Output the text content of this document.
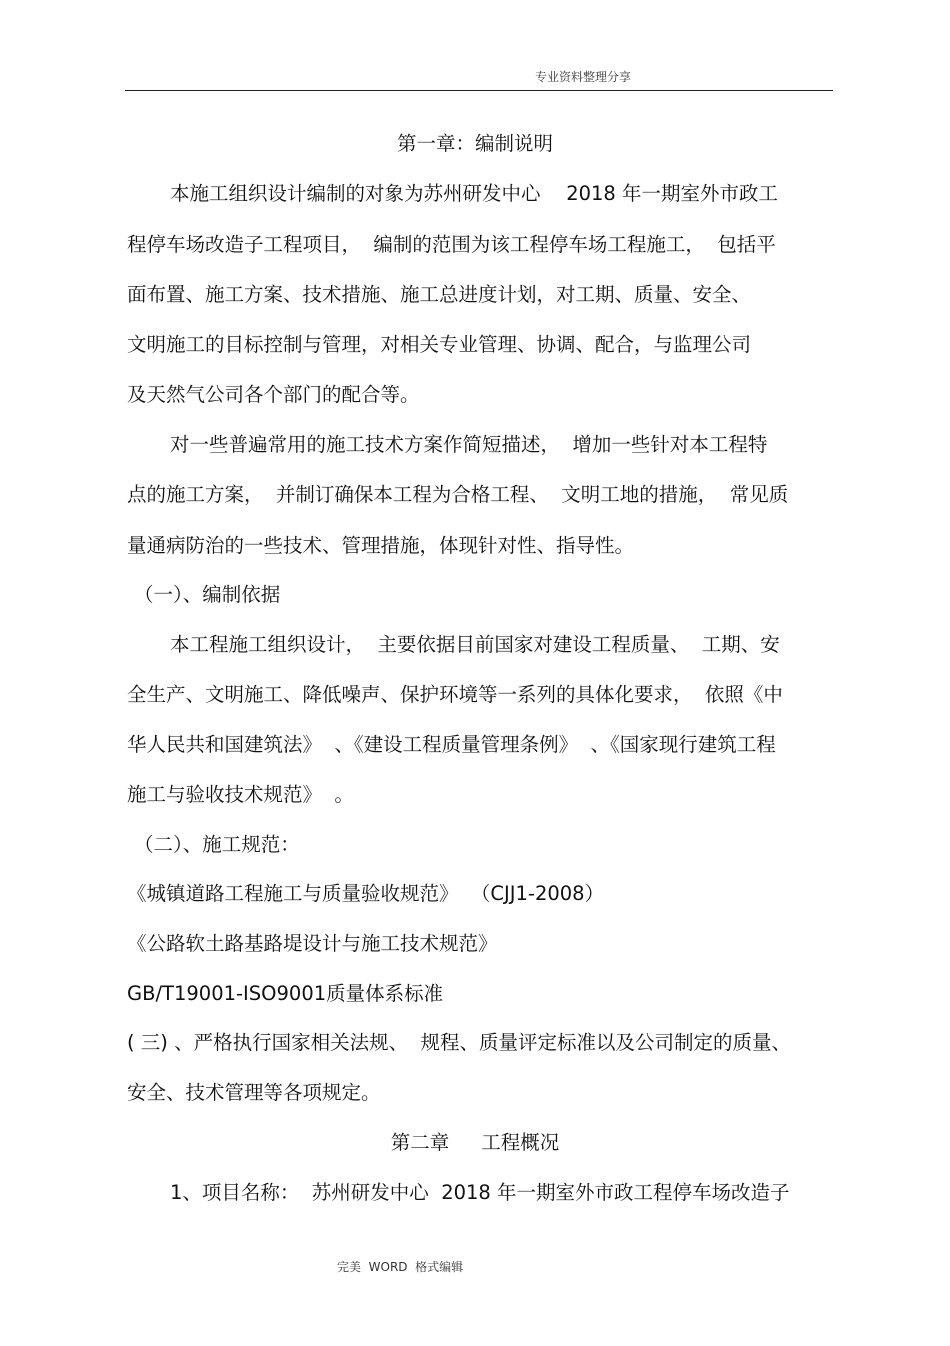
专业资料整理分享
第一章：编制说明
本施工组织设计编制的对象为苏州研发中心　 2018 年一期室外市政工
程停车场改造子工程项目，  编制的范围为该工程停车场工程施工，  包括平
面布置、施工方案、技术措施、施工总进度计划，对工期、质量、安全、
文明施工的目标控制与管理，对相关专业管理、协调、配合，与监理公司
及天然气公司各个部门的配合等。
对一些普遍常用的施工技术方案作简短描述，  增加一些针对本工程特
点的施工方案，  并制订确保本工程为合格工程、  文明工地的措施，  常见质
量通病防治的一些技术、管理措施，体现针对性、指导性。
（一）、编制依据
本工程施工组织设计，  主要依据目前国家对建设工程质量、  工期、安
全生产、文明施工、降低噪声、保护环境等一系列的具体化要求，  依照《中
华人民共和国建筑法》  、《建设工程质量管理条例》  、《国家现行建筑工程
施工与验收技术规范》  。
（二）、施工规范：
《城镇道路工程施工与质量验收规范》  （CJJ1-2008）
《公路软土路基路堤设计与施工技术规范》
GB/T19001-ISO9001质量体系标准
( 三) 、严格执行国家相关法规、  规程、质量评定标准以及公司制定的质量、
安全、技术管理等各项规定。
第二章　  工程概况
1、项目名称：  苏州研发中心  2018 年一期室外市政工程停车场改造子
完美  WORD  格式编辑
